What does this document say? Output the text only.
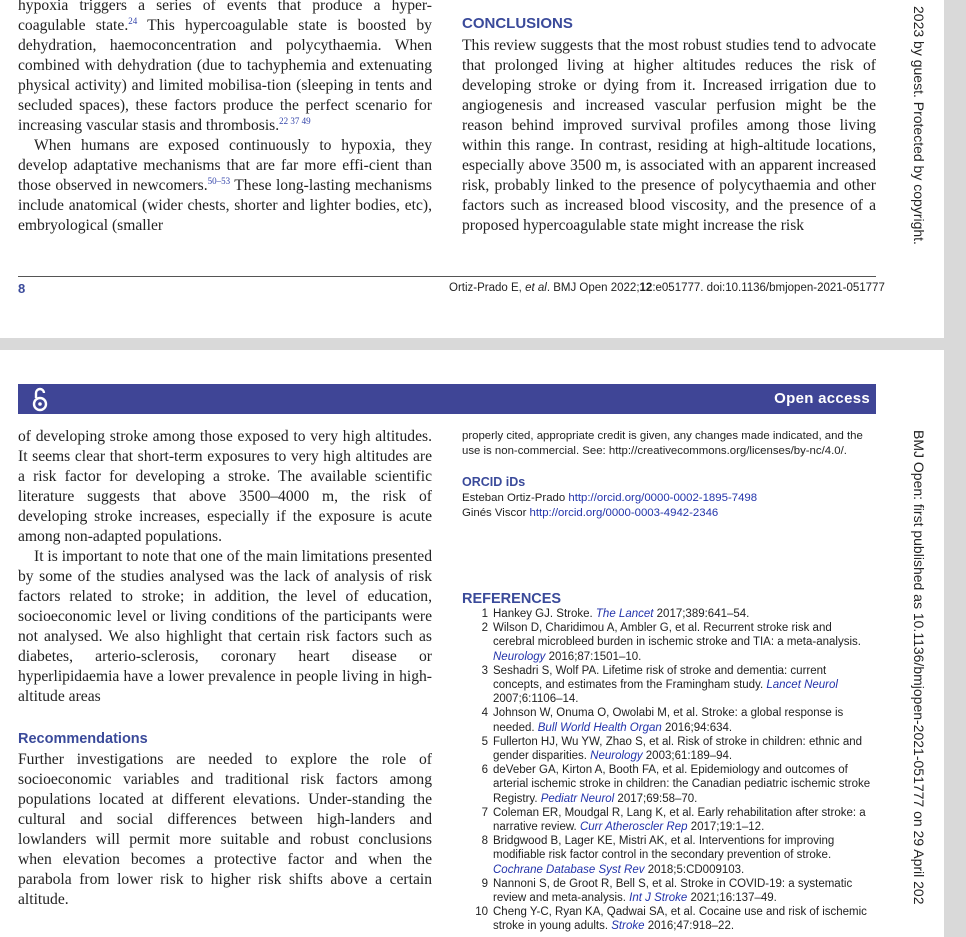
hypoxia triggers a series of events that produce a hyper-coagulable state.$^{24}$ This hypercoagulable state is boosted by dehydration, haemoconcentration and polycythaemia. When combined with dehydration (due to tachyphemia and extenuating physical activity) and limited mobilisa-tion (sleeping in tents and secluded spaces), these factors produce the perfect scenario for increasing vascular stasis and thrombosis.$^{22 37 49}$

When humans are exposed continuously to hypoxia, they develop adaptative mechanisms that are far more effi-cient than those observed in newcomers.$^{50-53}$ These long-lasting mechanisms include anatomical (wider chests, shorter and lighter bodies, etc), embryological (smaller

CONCLUSIONS

This review suggests that the most robust studies tend to advocate that prolonged living at higher altitudes reduces the risk of developing stroke or dying from it. Increased irrigation due to angiogenesis and increased vascular perfusion might be the reason behind improved survival profiles among those living within this range. In contrast, residing at high-altitude locations, especially above 3500 m, is associated with an apparent increased risk, probably linked to the presence of polycythaemia and other factors such as increased blood viscosity, and the presence of a proposed hypercoagulable state might increase the risk

8	Ortiz-Prado E, et al. BMJ Open 2022;12:e051777. doi:10.1136/bmjopen-2021-051777
2023 by guest. Protected by copyright.
Open access

of developing stroke among those exposed to very high altitudes. It seems clear that short-term exposures to very high altitudes are a risk factor for developing a stroke. The available scientific literature suggests that above 3500–4000 m, the risk of developing stroke increases, especially if the exposure is acute among non-adapted populations.

It is important to note that one of the main limitations presented by some of the studies analysed was the lack of analysis of risk factors related to stroke; in addition, the level of education, socioeconomic level or living conditions of the participants were not analysed. We also highlight that certain risk factors such as diabetes, arterio-sclerosis, coronary heart disease or hyperlipidaemia have a lower prevalence in people living in high-altitude areas

Recommendations

Further investigations are needed to explore the role of socioeconomic variables and traditional risk factors among populations located at different elevations. Under-standing the cultural and social differences between high-landers and lowlanders will permit more suitable and robust conclusions when elevation becomes a protective factor and when the parabola from lower risk to higher risk shifts above a certain altitude.

properly cited, appropriate credit is given, any changes made indicated, and the use is non-commercial. See: http://creativecommons.org/licenses/by-nc/4.0/.
ORCID iDs
Esteban Ortiz-Prado http://orcid.org/0000-0002-1895-7498
Ginés Viscor http://orcid.org/0000-0003-4942-2346
REFERENCES
1 Hankey GJ. Stroke. The Lancet 2017;389:641–54.
2 Wilson D, Charidimou A, Ambler G, et al. Recurrent stroke risk and cerebral microbleed burden in ischemic stroke and TIA: a meta-analysis. Neurology 2016;87:1501–10.
3 Seshadri S, Wolf PA. Lifetime risk of stroke and dementia: current concepts, and estimates from the Framingham study. Lancet Neurol 2007;6:1106–14.
4 Johnson W, Onuma O, Owolabi M, et al. Stroke: a global response is needed. Bull World Health Organ 2016;94:634.
5 Fullerton HJ, Wu YW, Zhao S, et al. Risk of stroke in children: ethnic and gender disparities. Neurology 2003;61:189–94.
6 deVeber GA, Kirton A, Booth FA, et al. Epidemiology and outcomes of arterial ischemic stroke in children: the Canadian pediatric ischemic stroke Registry. Pediatr Neurol 2017;69:58–70.
7 Coleman ER, Moudgal R, Lang K, et al. Early rehabilitation after stroke: a narrative review. Curr Atheroscler Rep 2017;19:1–12.
8 Bridgwood B, Lager KE, Mistri AK, et al. Interventions for improving modifiable risk factor control in the secondary prevention of stroke. Cochrane Database Syst Rev 2018;5:CD009103.
9 Nannoni S, de Groot R, Bell S, et al. Stroke in COVID-19: a systematic review and meta-analysis. Int J Stroke 2021;16:137–49.
10 Cheng Y-C, Ryan KA, Qadwai SA, et al. Cocaine use and risk of ischemic stroke in young adults. Stroke 2016;47:918–22.
BMJ Open: first published as 10.1136/bmjopen-2021-051777 on 29 April 202
